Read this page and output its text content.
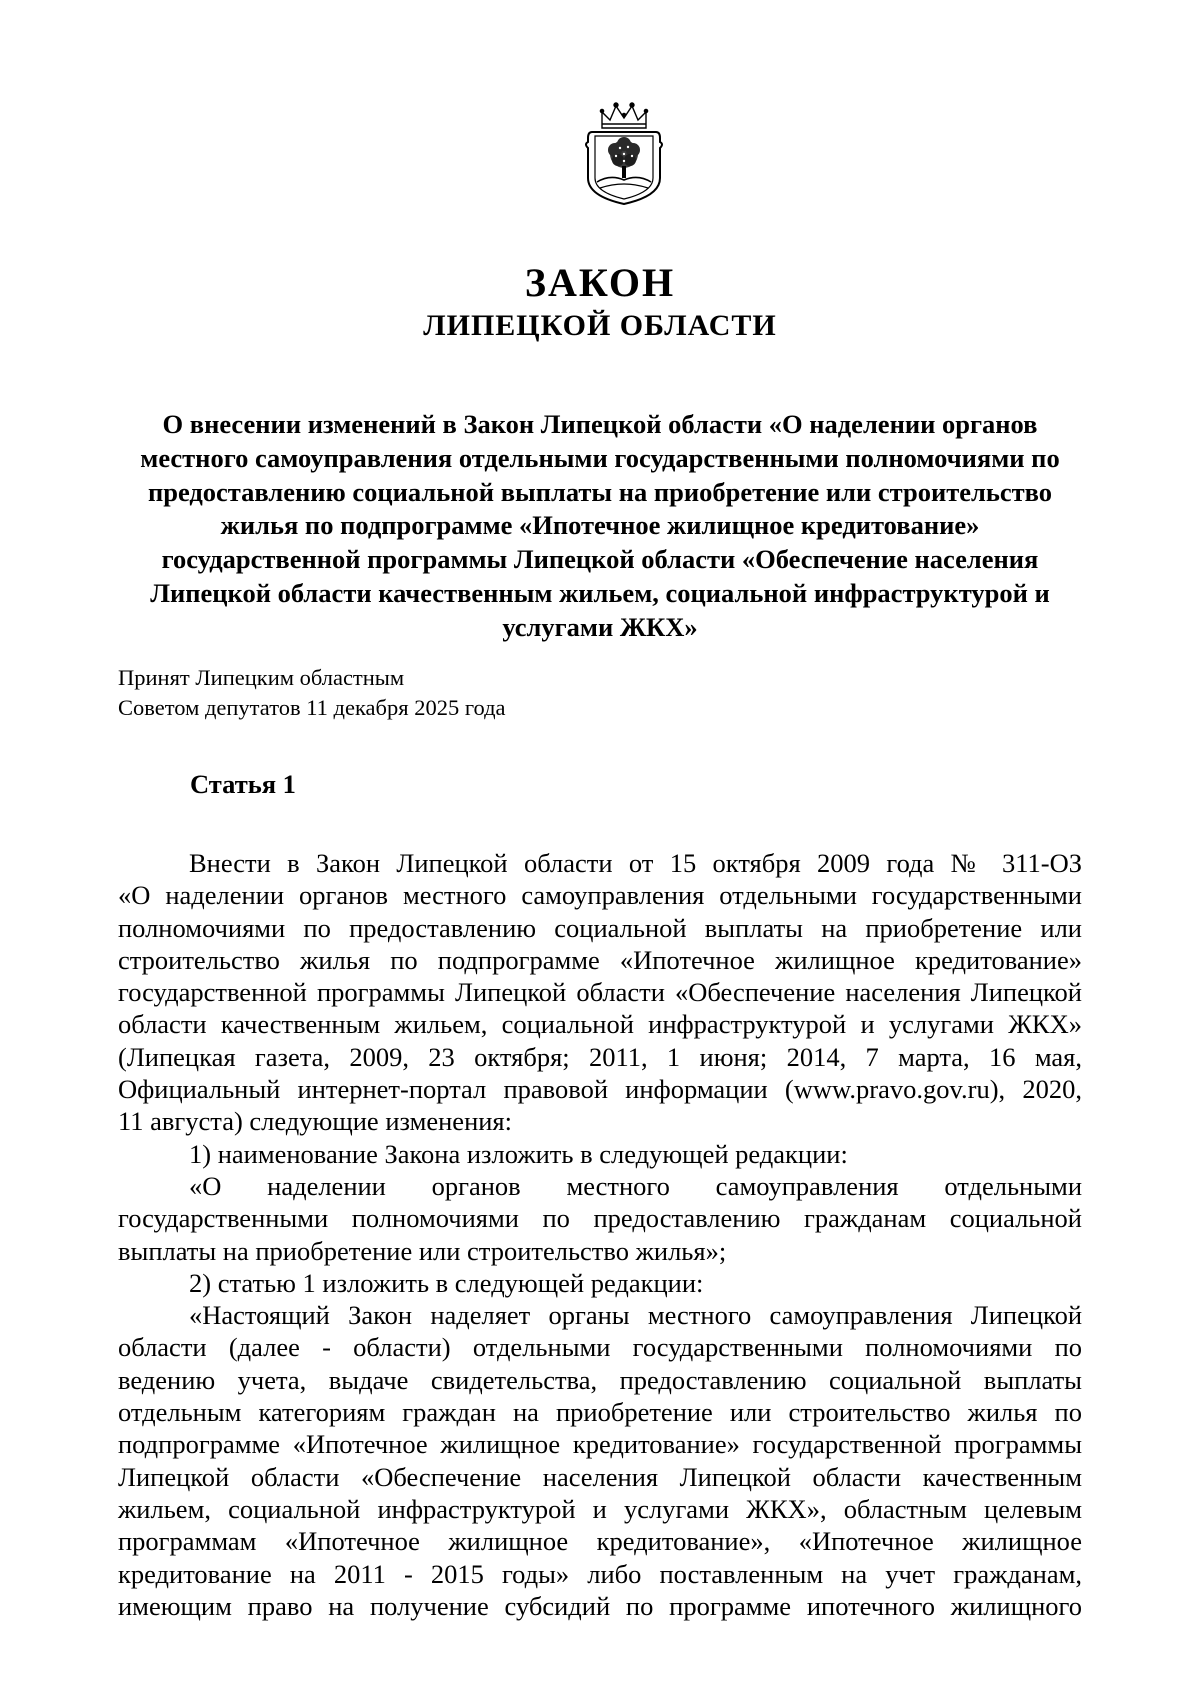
ЗАКОН
ЛИПЕЦКОЙ ОБЛАСТИ
О внесении изменений в Закон Липецкой области «О наделении органов
местного самоуправления отдельными государственными полномочиями по
предоставлению социальной выплаты на приобретение или строительство
жилья по подпрограмме «Ипотечное жилищное кредитование»
государственной программы Липецкой области «Обеспечение населения
Липецкой области качественным жильем, социальной инфраструктурой и
услугами ЖКХ»
Принят Липецким областным
Советом депутатов 11 декабря 2025 года
Статья 1
Внести в Закон Липецкой области от 15 октября 2009 года № 311-ОЗ
«О наделении органов местного самоуправления отдельными государственными
полномочиями по предоставлению социальной выплаты на приобретение или
строительство жилья по подпрограмме «Ипотечное жилищное кредитование»
государственной программы Липецкой области «Обеспечение населения Липецкой
области качественным жильем, социальной инфраструктурой и услугами ЖКХ»
(Липецкая газета, 2009, 23 октября; 2011, 1 июня; 2014, 7 марта, 16 мая,
Официальный интернет-портал правовой информации (www.pravo.gov.ru), 2020,
11 августа) следующие изменения:
1) наименование Закона изложить в следующей редакции:
«О наделении органов местного самоуправления отдельными
государственными полномочиями по предоставлению гражданам социальной
выплаты на приобретение или строительство жилья»;
2) статью 1 изложить в следующей редакции:
«Настоящий Закон наделяет органы местного самоуправления Липецкой
области (далее - области) отдельными государственными полномочиями по
ведению учета, выдаче свидетельства, предоставлению социальной выплаты
отдельным категориям граждан на приобретение или строительство жилья по
подпрограмме «Ипотечное жилищное кредитование» государственной программы
Липецкой области «Обеспечение населения Липецкой области качественным
жильем, социальной инфраструктурой и услугами ЖКХ», областным целевым
программам «Ипотечное жилищное кредитование», «Ипотечное жилищное
кредитование на 2011 - 2015 годы» либо поставленным на учет гражданам,
имеющим право на получение субсидий по программе ипотечного жилищного
